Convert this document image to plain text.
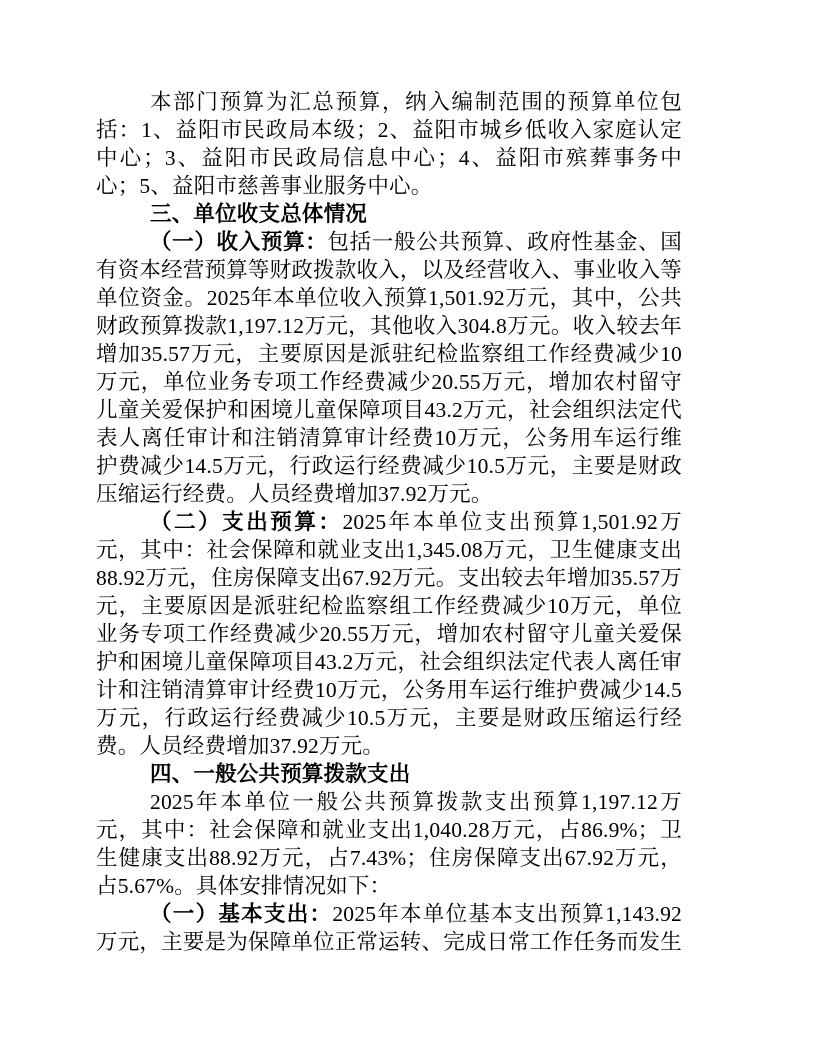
本部门预算为汇总预算，纳入编制范围的预算单位包括：1、益阳市民政局本级；2、益阳市城乡低收入家庭认定中心；3、益阳市民政局信息中心；4、益阳市殡葬事务中心；5、益阳市慈善事业服务中心。

三、单位收支总体情况

（一）收入预算：包括一般公共预算、政府性基金、国有资本经营预算等财政拨款收入，以及经营收入、事业收入等单位资金。2025年本单位收入预算1,501.92万元，其中，公共财政预算拨款1,197.12万元，其他收入304.8万元。收入较去年增加35.57万元，主要原因是派驻纪检监察组工作经费减少10万元，单位业务专项工作经费减少20.55万元，增加农村留守儿童关爱保护和困境儿童保障项目43.2万元，社会组织法定代表人离任审计和注销清算审计经费10万元，公务用车运行维护费减少14.5万元，行政运行经费减少10.5万元，主要是财政压缩运行经费。人员经费增加37.92万元。

（二）支出预算：2025年本单位支出预算1,501.92万元，其中：社会保障和就业支出1,345.08万元，卫生健康支出88.92万元，住房保障支出67.92万元。支出较去年增加35.57万元，主要原因是派驻纪检监察组工作经费减少10万元，单位业务专项工作经费减少20.55万元，增加农村留守儿童关爱保护和困境儿童保障项目43.2万元，社会组织法定代表人离任审计和注销清算审计经费10万元，公务用车运行维护费减少14.5万元，行政运行经费减少10.5万元，主要是财政压缩运行经费。人员经费增加37.92万元。

四、一般公共预算拨款支出

2025年本单位一般公共预算拨款支出预算1,197.12万元，其中：社会保障和就业支出1,040.28万元，占86.9%；卫生健康支出88.92万元，占7.43%；住房保障支出67.92万元，占5.67%。具体安排情况如下：

（一）基本支出：2025年本单位基本支出预算1,143.92万元，主要是为保障单位正常运转、完成日常工作任务而发生
